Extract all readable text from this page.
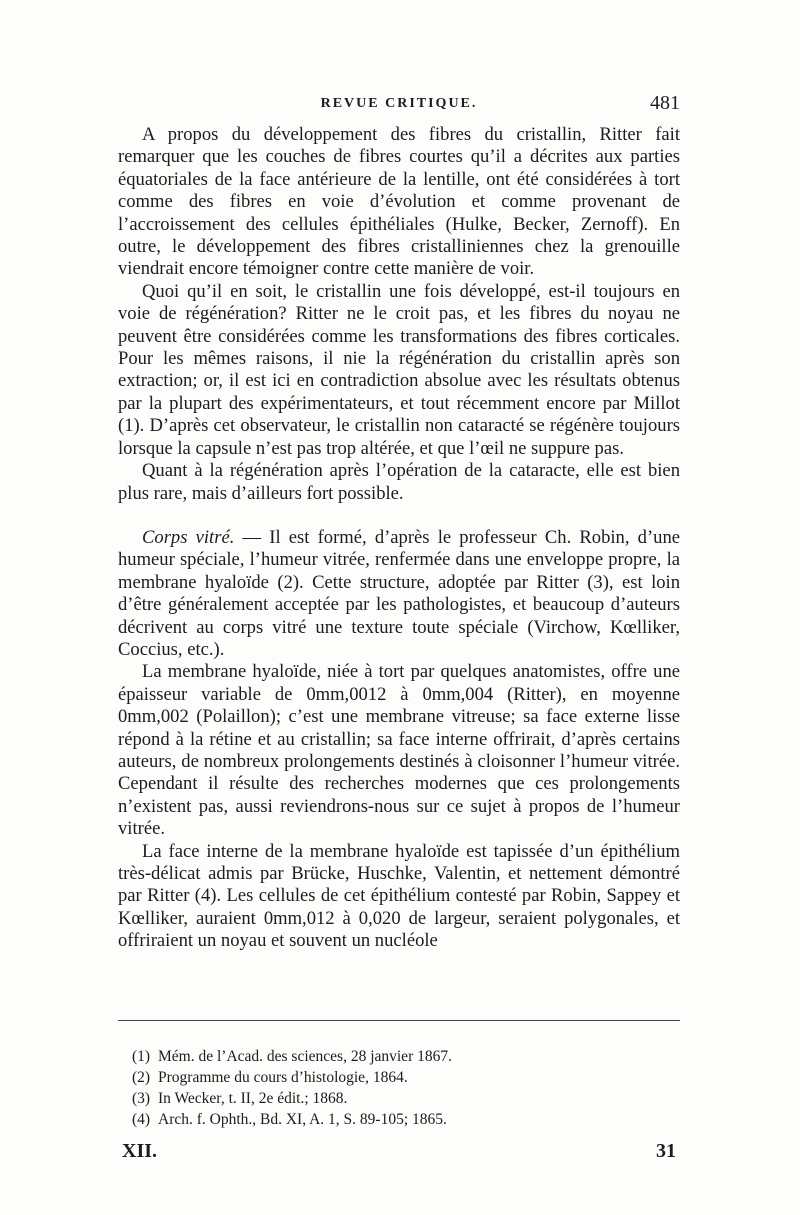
REVUE CRITIQUE.	481

A propos du développement des fibres du cristallin, Ritter fait remarquer que les couches de fibres courtes qu’il a décrites aux parties équatoriales de la face antérieure de la lentille, ont été considérées à tort comme des fibres en voie d’évolution et comme provenant de l’accroissement des cellules épithéliales (Hulke, Becker, Zernoff). En outre, le développement des fibres cristalliniennes chez la grenouille viendrait encore témoigner contre cette manière de voir.

Quoi qu’il en soit, le cristallin une fois développé, est-il toujours en voie de régénération? Ritter ne le croit pas, et les fibres du noyau ne peuvent être considérées comme les transformations des fibres corticales. Pour les mêmes raisons, il nie la régénération du cristallin après son extraction; or, il est ici en contradiction absolue avec les résultats obtenus par la plupart des expérimentateurs, et tout récemment encore par Millot (1). D’après cet observateur, le cristallin non cataracté se régénère toujours lorsque la capsule n’est pas trop altérée, et que l’œil ne suppure pas.

Quant à la régénération après l’opération de la cataracte, elle est bien plus rare, mais d’ailleurs fort possible.

Corps vitré. — Il est formé, d’après le professeur Ch. Robin, d’une humeur spéciale, l’humeur vitrée, renfermée dans une enveloppe propre, la membrane hyaloïde (2). Cette structure, adoptée par Ritter (3), est loin d’être généralement acceptée par les pathologistes, et beaucoup d’auteurs décrivent au corps vitré une texture toute spéciale (Virchow, Kœlliker, Coccius, etc.).

La membrane hyaloïde, niée à tort par quelques anatomistes, offre une épaisseur variable de 0mm,0012 à 0mm,004 (Ritter), en moyenne 0mm,002 (Polaillon); c’est une membrane vitreuse; sa face externe lisse répond à la rétine et au cristallin; sa face interne offrirait, d’après certains auteurs, de nombreux prolongements destinés à cloisonner l’humeur vitrée. Cependant il résulte des recherches modernes que ces prolongements n’existent pas, aussi reviendrons-nous sur ce sujet à propos de l’humeur vitrée.

La face interne de la membrane hyaloïde est tapissée d’un épithélium très-délicat admis par Brücke, Huschke, Valentin, et nettement démontré par Ritter (4). Les cellules de cet épithélium contesté par Robin, Sappey et Kœlliker, auraient 0mm,012 à 0,020 de largeur, seraient polygonales, et offriraient un noyau et souvent un nucléole

(1) Mém. de l’Acad. des sciences, 28 janvier 1867.

(2) Programme du cours d’histologie, 1864.

(3) In Wecker, t. II, 2e édit.; 1868.

(4) Arch. f. Ophth., Bd. XI, A. 1, S. 89-105; 1865.

XII.	31
